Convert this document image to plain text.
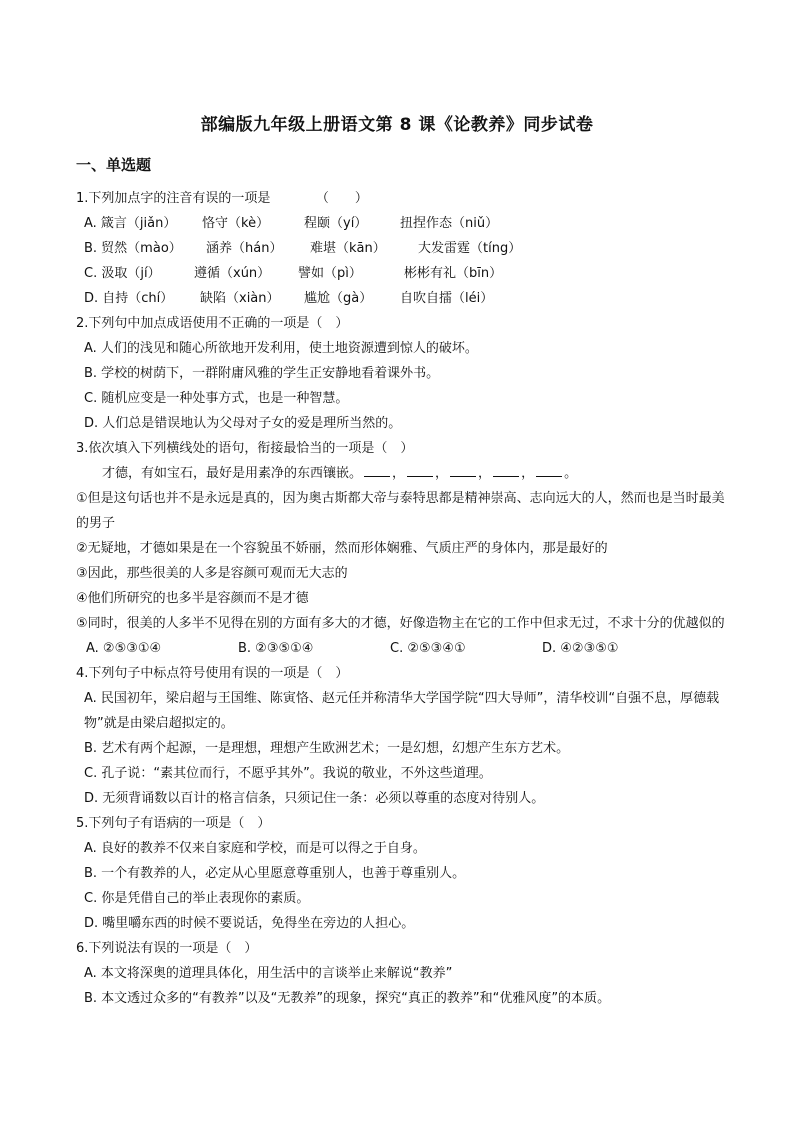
部编版九年级上册语文第 8 课《论教养》同步试卷
一、单选题
1.下列加点字的注音有误的一项是　　　　（　　）
A. 箴言（jiǎn）	恪守（kè）	程颐（yí）	扭捏作态（niǔ）
B. 贸然（mào）	涵养（hán）	难堪（kān）	大发雷霆（tíng）
C. 汲取（jí）	遵循（xún）	譬如（pì）	彬彬有礼（bīn）
D. 自持（chí）	缺陷（xiàn）	尴尬（gà）	自吹自擂（léi）
2.下列句中加点成语使用不正确的一项是（　）
A. 人们的浅见和随心所欲地开发利用，使土地资源遭到惊人的破坏。
B. 学校的树荫下，一群附庸风雅的学生正安静地看着课外书。
C. 随机应变是一种处事方式，也是一种智慧。
D. 人们总是错误地认为父母对子女的爱是理所当然的。
3.依次填入下列横线处的语句，衔接最恰当的一项是（　）
才德，有如宝石，最好是用素净的东西镶嵌。 ， ， ， ， 。
①但是这句话也并不是永远是真的，因为奥古斯都大帝与泰特思都是精神崇高、志向远大的人，然而也是当时最美的男子
②无疑地，才德如果是在一个容貌虽不娇丽，然而形体娴雅、气质庄严的身体内，那是最好的
③因此，那些很美的人多是容颜可观而无大志的
④他们所研究的也多半是容颜而不是才德
⑤同时，很美的人多半不见得在别的方面有多大的才德，好像造物主在它的工作中但求无过，不求十分的优越似的
A. ②⑤③①④	B. ②③⑤①④	C. ②⑤③④①	D. ④②③⑤①
4.下列句子中标点符号使用有误的一项是（　）
A. 民国初年，梁启超与王国维、陈寅恪、赵元任并称清华大学国学院“四大导师”，清华校训“自强不息，厚德载物”就是由梁启超拟定的。
B. 艺术有两个起源，一是理想，理想产生欧洲艺术；一是幻想，幻想产生东方艺术。
C. 孔子说：“素其位而行，不愿乎其外”。我说的敬业，不外这些道理。
D. 无须背诵数以百计的格言信条，只须记住一条：必须以尊重的态度对待别人。
5.下列句子有语病的一项是（　）
A. 良好的教养不仅来自家庭和学校，而是可以得之于自身。
B. 一个有教养的人，必定从心里愿意尊重别人，也善于尊重别人。
C. 你是凭借自己的举止表现你的素质。
D. 嘴里嚼东西的时候不要说话，免得坐在旁边的人担心。
6.下列说法有误的一项是（　）
A. 本文将深奥的道理具体化，用生活中的言谈举止来解说“教养”
B. 本文透过众多的“有教养”以及“无教养”的现象，探究“真正的教养”和“优雅风度”的本质。
